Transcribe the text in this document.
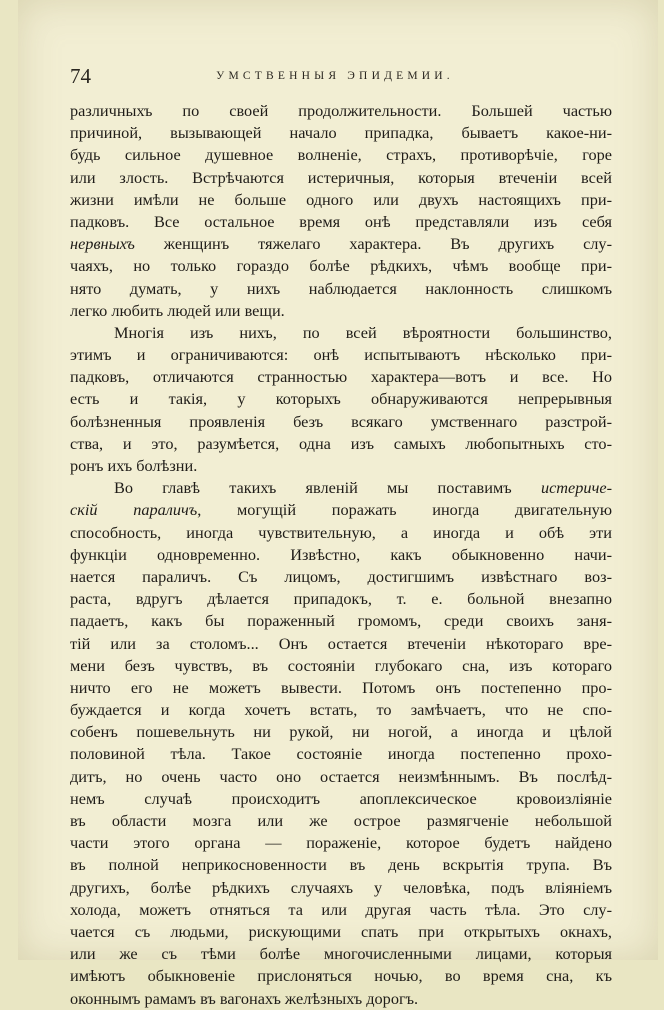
74	УМСТВЕННЫЯ ЭПИДЕМИИ.
различныхъ по своей продолжительности. Большей частью
причиной, вызывающей начало припадка, бываетъ какое-ни-
будь сильное душевное волненіе, страхъ, противорѣчіе, горе
или злость. Встрѣчаются истеричныя, которыя втеченіи всей
жизни имѣли не больше одного или двухъ настоящихъ при-
падковъ. Все остальное время онѣ представляли изъ себя
нервныхъ женщинъ тяжелаго характера. Въ другихъ слу-
чаяхъ, но только гораздо болѣе рѣдкихъ, чѣмъ вообще при-
нято думать, у нихъ наблюдается наклонность слишкомъ
легко любить людей или вещи.
Многія изъ нихъ, по всей вѣроятности большинство,
этимъ и ограничиваются: онѣ испытываютъ нѣсколько при-
падковъ, отличаются странностью характера—вотъ и все. Но
есть и такія, у которыхъ обнаруживаются непрерывныя
болѣзненныя проявленія безъ всякаго умственнаго разстрой-
ства, и это, разумѣется, одна изъ самыхъ любопытныхъ сто-
ронъ ихъ болѣзни.
Во главѣ такихъ явленій мы поставимъ истериче-
скій параличъ, могущій поражать иногда двигательную
способность, иногда чувствительную, а иногда и обѣ эти
функціи одновременно. Извѣстно, какъ обыкновенно начи-
нается параличъ. Съ лицомъ, достигшимъ извѣстнаго воз-
раста, вдругъ дѣлается припадокъ, т. е. больной внезапно
падаетъ, какъ бы пораженный громомъ, среди своихъ заня-
тій или за столомъ... Онъ остается втеченіи нѣкотораго вре-
мени безъ чувствъ, въ состояніи глубокаго сна, изъ котораго
ничто его не можетъ вывести. Потомъ онъ постепенно про-
буждается и когда хочетъ встать, то замѣчаетъ, что не спо-
собенъ пошевельнуть ни рукой, ни ногой, а иногда и цѣлой
половиной тѣла. Такое состояніе иногда постепенно прохо-
дитъ, но очень часто оно остается неизмѣннымъ. Въ послѣд-
немъ случаѣ происходитъ апоплексическое кровоизліяніе
въ области мозга или же острое размягченіе небольшой
части этого органа — пораженіе, которое будетъ найдено
въ полной неприкосновенности въ день вскрытія трупа. Въ
другихъ, болѣе рѣдкихъ случаяхъ у человѣка, подъ вліяніемъ
холода, можетъ отняться та или другая часть тѣла. Это слу-
чается съ людьми, рискующими спать при открытыхъ окнахъ,
или же съ тѣми болѣе многочисленными лицами, которыя
имѣютъ обыкновеніе прислоняться ночью, во время сна, къ
оконнымъ рамамъ въ вагонахъ желѣзныхъ дорогъ.
